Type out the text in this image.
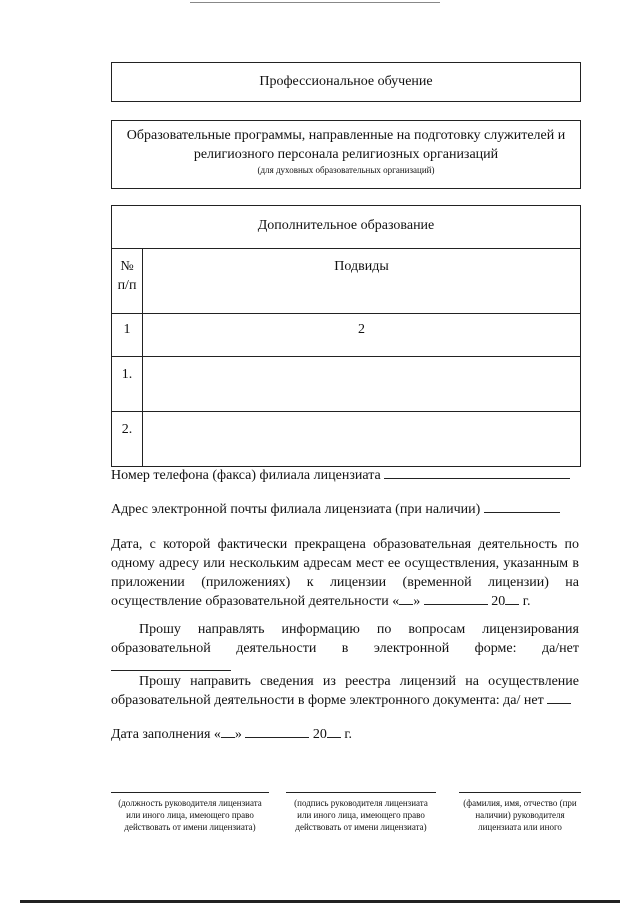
Профессиональное обучение
Образовательные программы, направленные на подготовку служителей и
религиозного персонала религиозных организаций
(для духовных образовательных организаций)
Дополнительное образование	

№
п/п	Подвиды
1	2
1.	
2.	

Номер телефона (факса) филиала лицензиата

Адрес электронной почты филиала лицензиата (при наличии)

Дата, с которой фактически прекращена образовательная деятельность по одному адресу или нескольким адресам мест ее осуществления, указанным в приложении (приложениях) к лицензии (временной лицензии) на осуществление образовательной деятельности « »	20 г.

Прошу направлять информацию по вопросам лицензирования образовательной деятельности в электронной форме: да/нет

Прошу направить сведения из реестра лицензий на осуществление образовательной деятельности в форме электронного документа: да/ нет

Дата заполнения « »	20 г.

(должность руководителя лицензиата или иного лица, имеющего право действовать от имени лицензиата)
(подпись руководителя лицензиата или иного лица, имеющего право действовать от имени лицензиата)
(фамилия, имя, отчество (при наличии) руководителя лицензиата или иного
